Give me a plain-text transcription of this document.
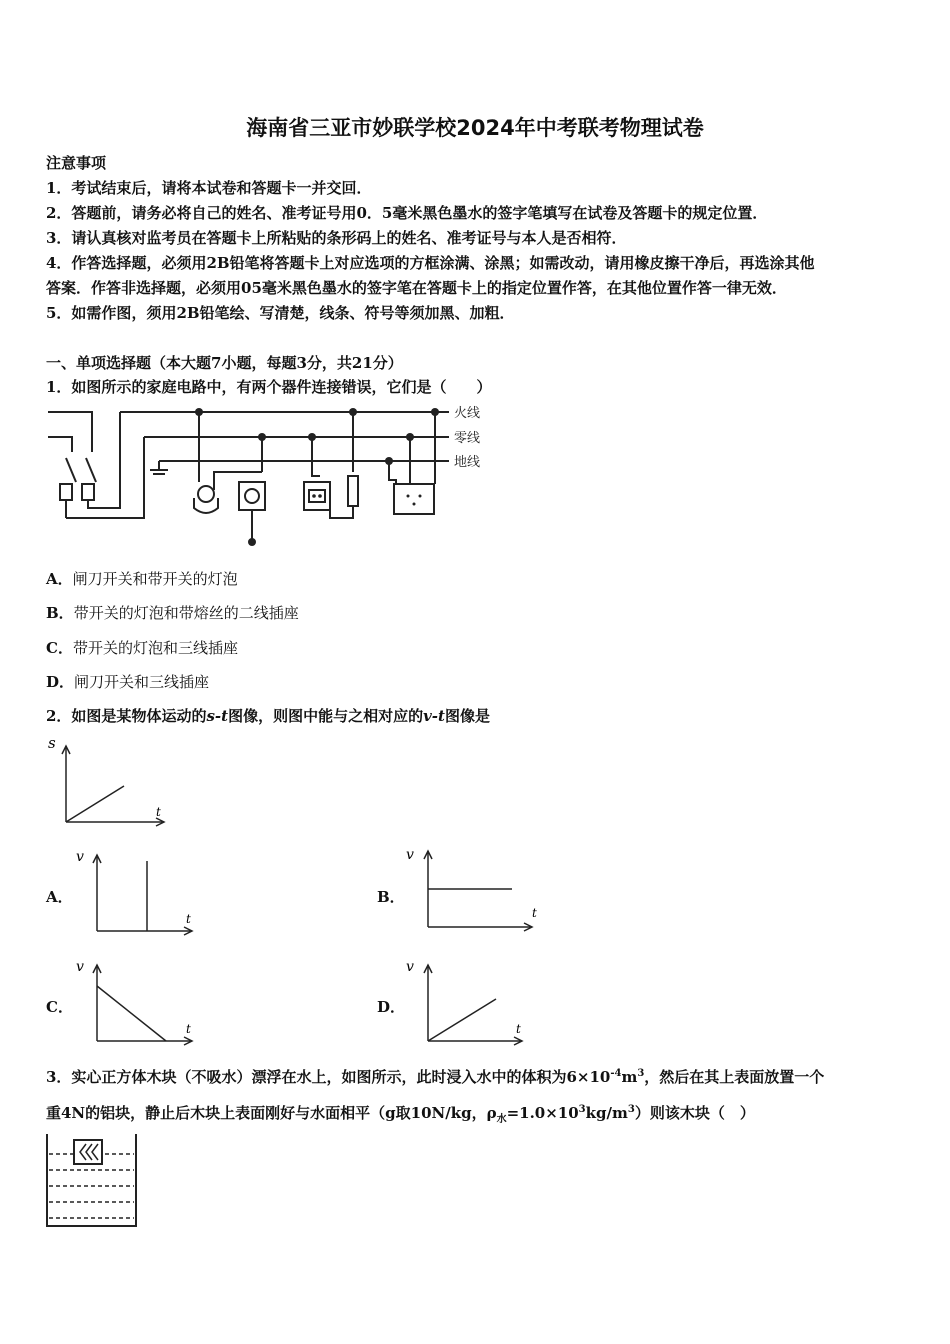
海南省三亚市妙联学校2024年中考联考物理试卷
注意事项
1．考试结束后，请将本试卷和答题卡一并交回．
2．答题前，请务必将自己的姓名、准考证号用0．5毫米黑色墨水的签字笔填写在试卷及答题卡的规定位置．
3．请认真核对监考员在答题卡上所粘贴的条形码上的姓名、准考证号与本人是否相符．
4．作答选择题，必须用2B铅笔将答题卡上对应选项的方框涂满、涂黑；如需改动，请用橡皮擦干净后，再选涂其他
答案．作答非选择题，必须用05毫米黑色墨水的签字笔在答题卡上的指定位置作答，在其他位置作答一律无效．
5．如需作图，须用2B铅笔绘、写清楚，线条、符号等须加黑、加粗．
一、单项选择题（本大题7小题，每题3分，共21分）
1．如图所示的家庭电路中，有两个器件连接错误，它们是（　　）
火线
零线
地线
A．闸刀开关和带开关的灯泡
B．带开关的灯泡和带熔丝的二线插座
C．带开关的灯泡和三线插座
D．闸刀开关和三线插座
2．如图是某物体运动的s-t图像，则图中能与之相对应的v-t图像是
s
t
A．
v
t
B．
v
t
C．
v
t
D．
v
t
3．实心正方体木块（不吸水）漂浮在水上，如图所示，此时浸入水中的体积为$6\times 10^{-4}m^3$，然后在其上表面放置一个
重4N的铝块，静止后木块上表面刚好与水面相平（g取10N/kg，$\rho_水=1.0\times 10^3kg/m^3$）则该木块（　）
